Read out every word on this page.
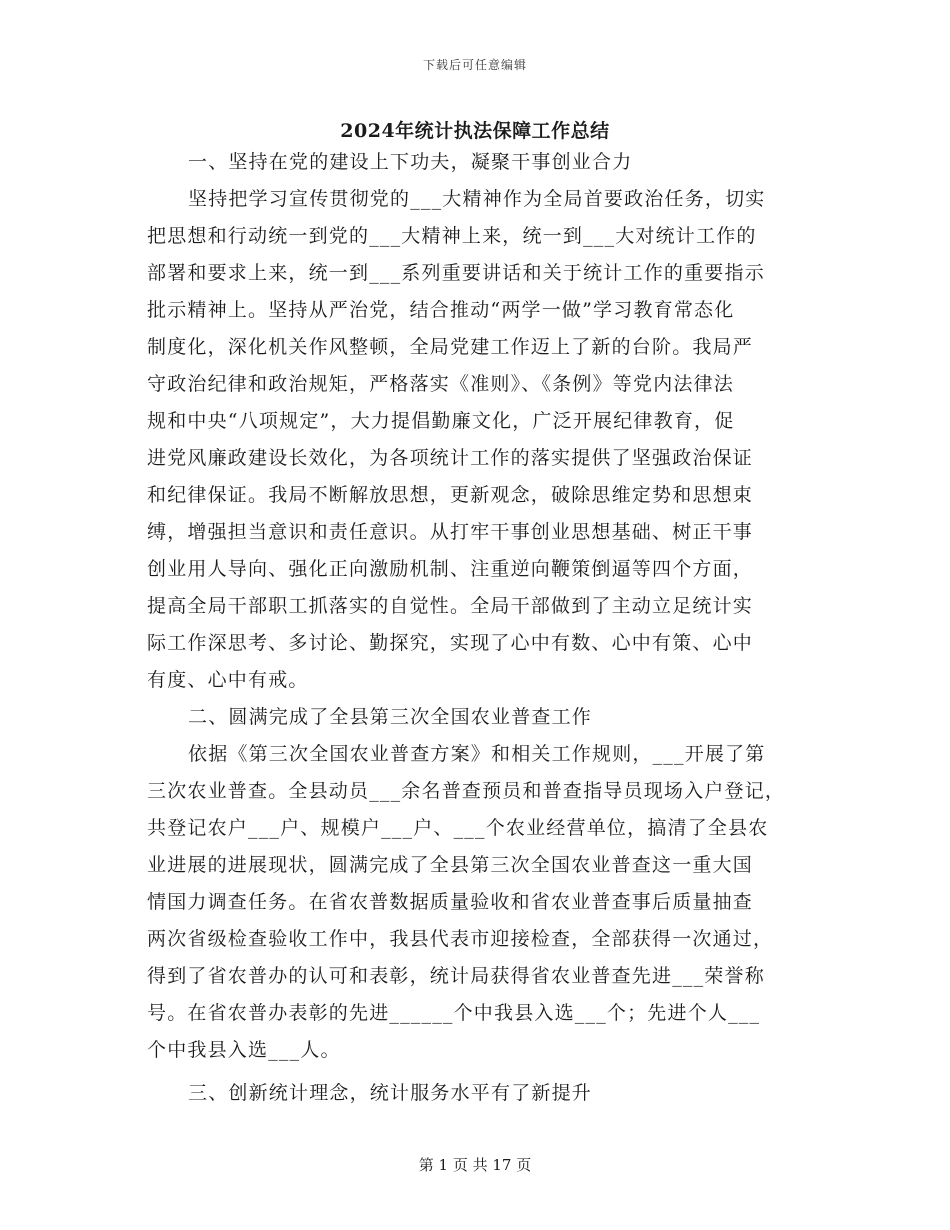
下载后可任意编辑
2024年统计执法保障工作总结
一、坚持在党的建设上下功夫，凝聚干事创业合力
坚持把学习宣传贯彻党的___大精神作为全局首要政治任务，切实
把思想和行动统一到党的___大精神上来，统一到___大对统计工作的
部署和要求上来，统一到___系列重要讲话和关于统计工作的重要指示
批示精神上。坚持从严治党，结合推动“两学一做”学习教育常态化
制度化，深化机关作风整顿，全局党建工作迈上了新的台阶。我局严
守政治纪律和政治规矩，严格落实《准则》、《条例》等党内法律法
规和中央“八项规定”，大力提倡勤廉文化，广泛开展纪律教育，促
进党风廉政建设长效化，为各项统计工作的落实提供了坚强政治保证
和纪律保证。我局不断解放思想，更新观念，破除思维定势和思想束
缚，增强担当意识和责任意识。从打牢干事创业思想基础、树正干事
创业用人导向、强化正向激励机制、注重逆向鞭策倒逼等四个方面，
提高全局干部职工抓落实的自觉性。全局干部做到了主动立足统计实
际工作深思考、多讨论、勤探究，实现了心中有数、心中有策、心中
有度、心中有戒。
二、圆满完成了全县第三次全国农业普查工作
依据《第三次全国农业普查方案》和相关工作规则，___开展了第
三次农业普查。全县动员___余名普查预员和普查指导员现场入户登记，
共登记农户___户、规模户___户、___个农业经营单位，搞清了全县农
业进展的进展现状，圆满完成了全县第三次全国农业普查这一重大国
情国力调查任务。在省农普数据质量验收和省农业普查事后质量抽查
两次省级检查验收工作中，我县代表市迎接检查，全部获得一次通过，
得到了省农普办的认可和表彰，统计局获得省农业普查先进___荣誉称
号。在省农普办表彰的先进______个中我县入选___个；先进个人___
个中我县入选___人。
三、创新统计理念，统计服务水平有了新提升
第 1 页 共 17 页
